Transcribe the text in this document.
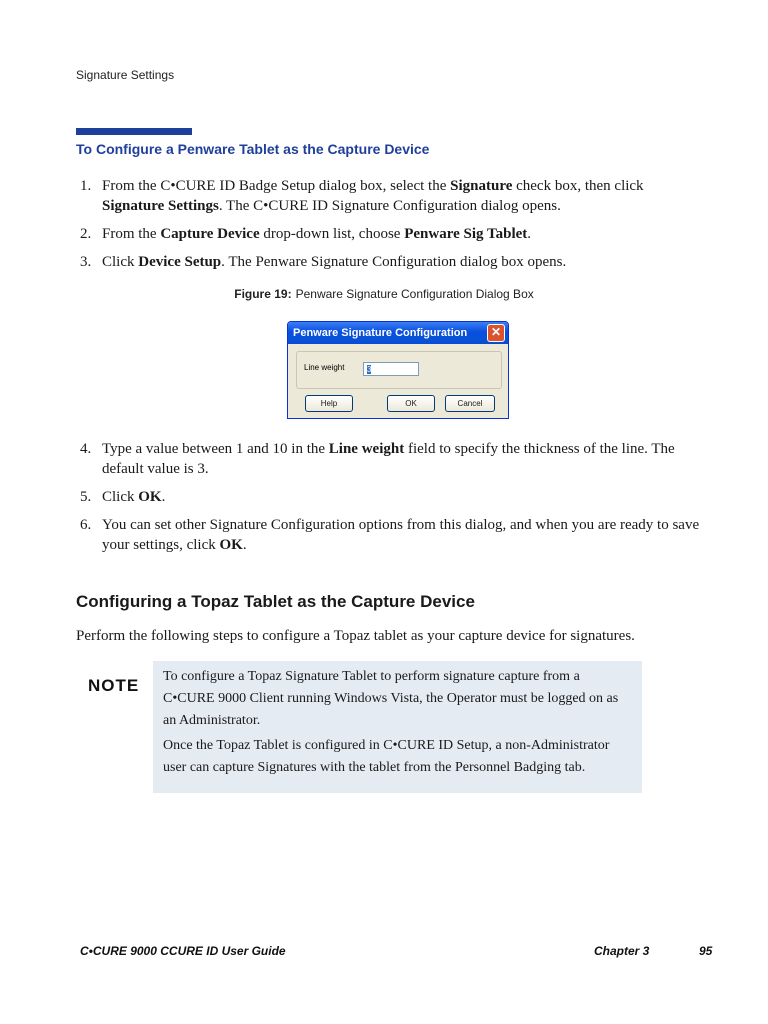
Signature Settings
To Configure a Penware Tablet as the Capture Device
1. From the C•CURE ID Badge Setup dialog box, select the Signature check box, then click Signature Settings. The C•CURE ID Signature Configuration dialog opens.
2. From the Capture Device drop-down list, choose Penware Sig Tablet.
3. Click Device Setup. The Penware Signature Configuration dialog box opens.
Figure 19: Penware Signature Configuration Dialog Box
Penware Signature Configuration	✕
Line weight	3
Help	OK	Cancel
4. Type a value between 1 and 10 in the Line weight field to specify the thickness of the line. The default value is 3.
5. Click OK.
6. You can set other Signature Configuration options from this dialog, and when you are ready to save your settings, click OK.
Configuring a Topaz Tablet as the Capture Device
Perform the following steps to configure a Topaz tablet as your capture device for signatures.
NOTE To configure a Topaz Signature Tablet to perform signature capture from a C•CURE 9000 Client running Windows Vista, the Operator must be logged on as an Administrator.

Once the Topaz Tablet is configured in C•CURE ID Setup, a non-Administrator user can capture Signatures with the tablet from the Personnel Badging tab.

C•CURE 9000 CCURE ID User Guide	Chapter 3	95
